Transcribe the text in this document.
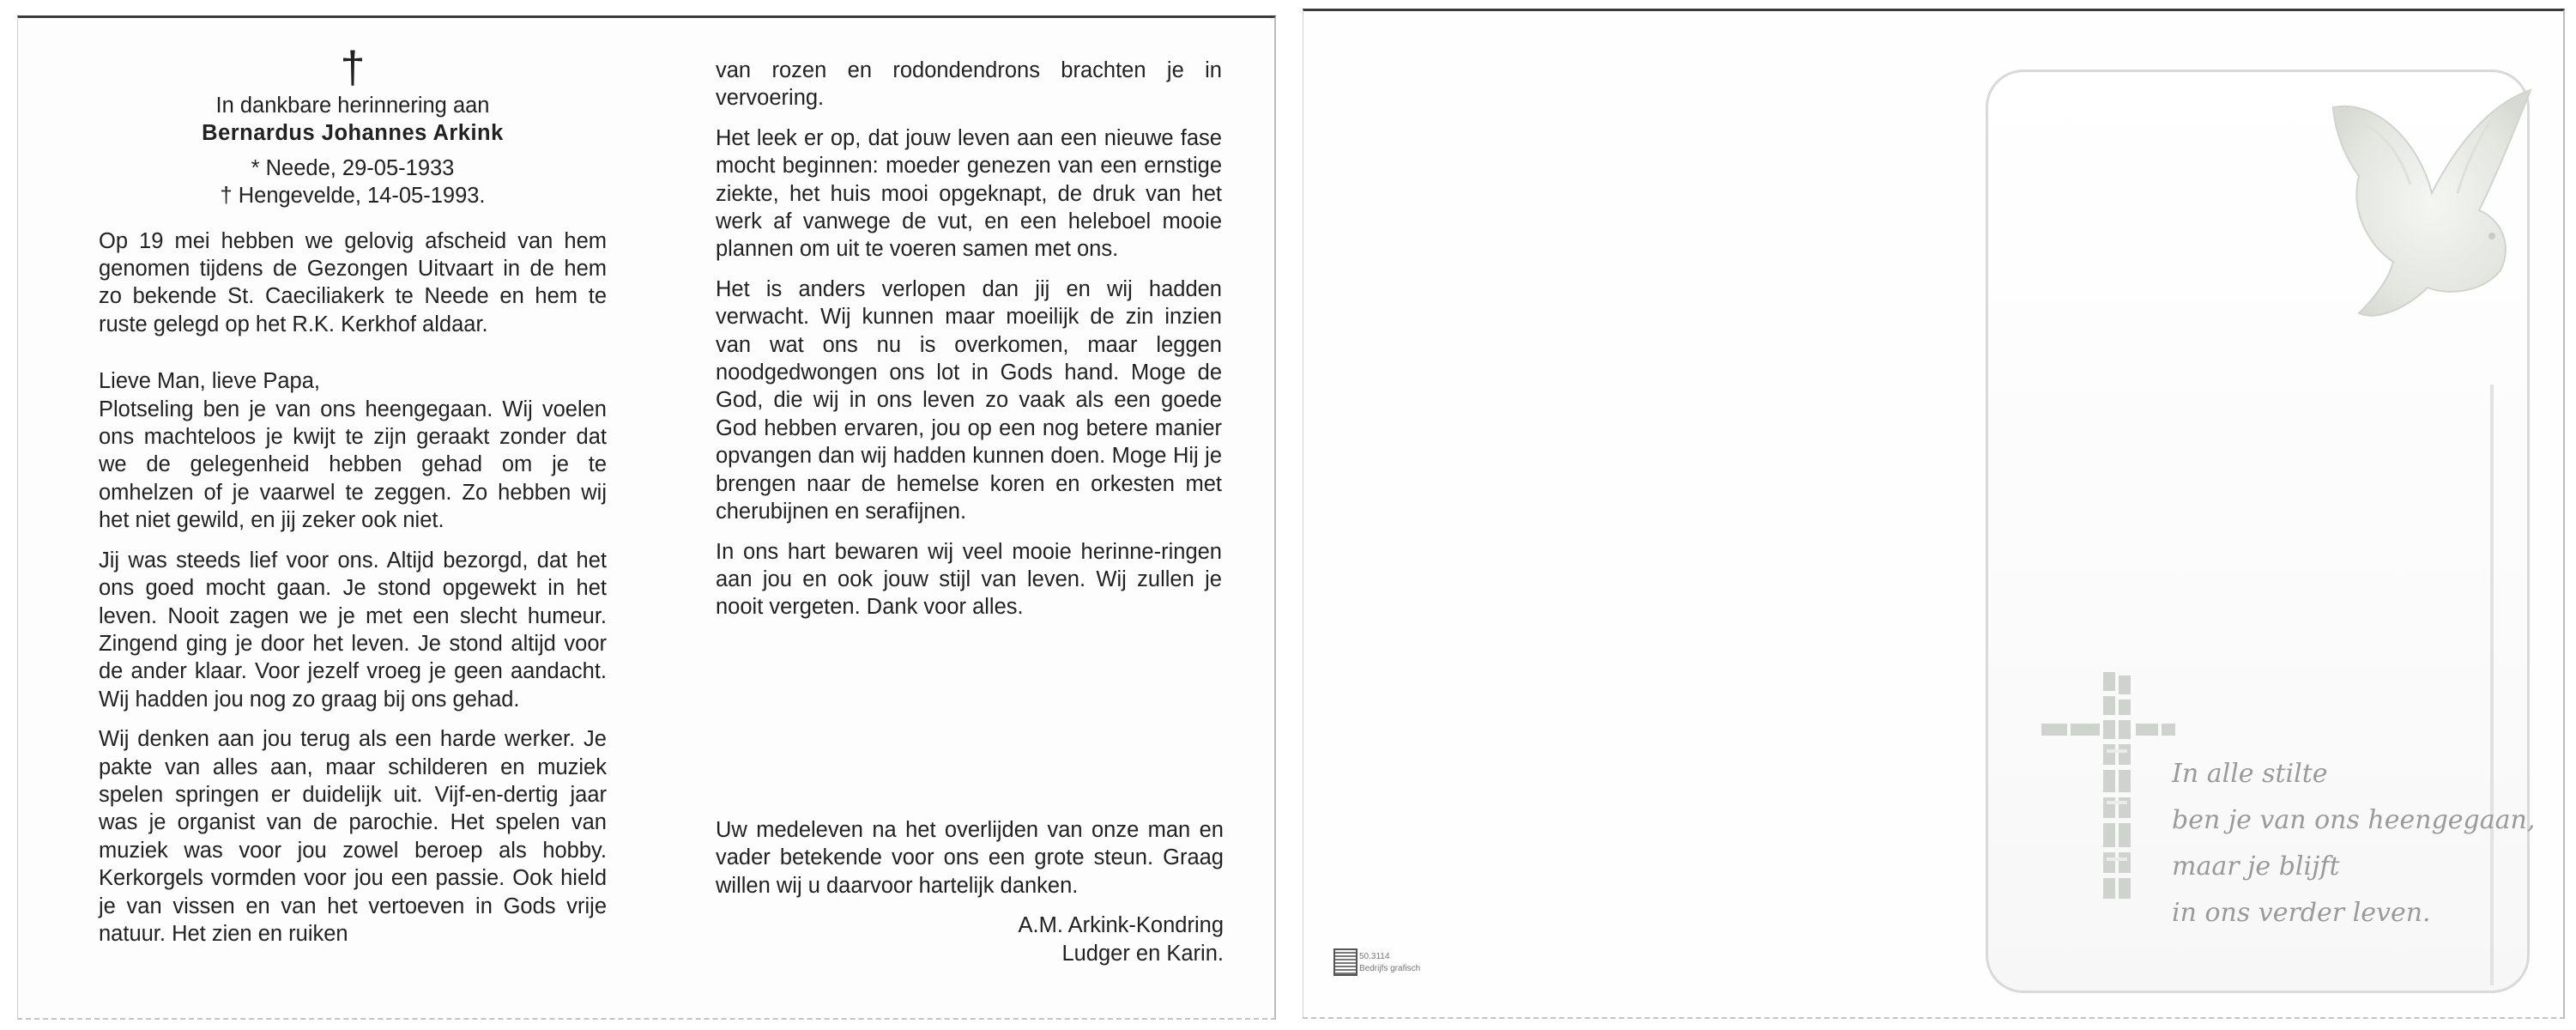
†
In dankbare herinnering aan
Bernardus Johannes Arkink
* Neede, 29-05-1933
† Hengevelde, 14-05-1993.

Op 19 mei hebben we gelovig afscheid van hem genomen tijdens de Gezongen Uitvaart in de hem zo bekende St. Caeciliakerk te Neede en hem te ruste gelegd op het R.K. Kerkhof aldaar.

Lieve Man, lieve Papa,

Plotseling ben je van ons heengegaan. Wij voelen ons machteloos je kwijt te zijn geraakt zonder dat we de gelegenheid hebben gehad om je te omhelzen of je vaarwel te zeggen. Zo hebben wij het niet gewild, en jij zeker ook niet.

Jij was steeds lief voor ons. Altijd bezorgd, dat het ons goed mocht gaan. Je stond opgewekt in het leven. Nooit zagen we je met een slecht humeur. Zingend ging je door het leven. Je stond altijd voor de ander klaar. Voor jezelf vroeg je geen aandacht. Wij hadden jou nog zo graag bij ons gehad.

Wij denken aan jou terug als een harde werker. Je pakte van alles aan, maar schilderen en muziek spelen springen er duidelijk uit. Vijf-en-dertig jaar was je organist van de parochie. Het spelen van muziek was voor jou zowel beroep als hobby. Kerkorgels vormden voor jou een passie. Ook hield je van vissen en van het vertoeven in Gods vrije natuur. Het zien en ruiken

van rozen en rodondendrons brachten je in vervoering.

Het leek er op, dat jouw leven aan een nieuwe fase mocht beginnen: moeder genezen van een ernstige ziekte, het huis mooi opgeknapt, de druk van het werk af vanwege de vut, en een heleboel mooie plannen om uit te voeren samen met ons.

Het is anders verlopen dan jij en wij hadden verwacht. Wij kunnen maar moeilijk de zin inzien van wat ons nu is overkomen, maar leggen noodgedwongen ons lot in Gods hand. Moge de God, die wij in ons leven zo vaak als een goede God hebben ervaren, jou op een nog betere manier opvangen dan wij hadden kunnen doen. Moge Hij je brengen naar de hemelse koren en orkesten met cherubijnen en serafijnen.

In ons hart bewaren wij veel mooie herinne-ringen aan jou en ook jouw stijl van leven. Wij zullen je nooit vergeten. Dank voor alles.

Uw medeleven na het overlijden van onze man en vader betekende voor ons een grote steun. Graag willen wij u daarvoor hartelijk danken.

A.M. Arkink-Kondring
Ludger en Karin.
In alle stilte
ben je van ons heengegaan,
maar je blijft
in ons verder leven.
50.3114
Bedrijfs grafisch
